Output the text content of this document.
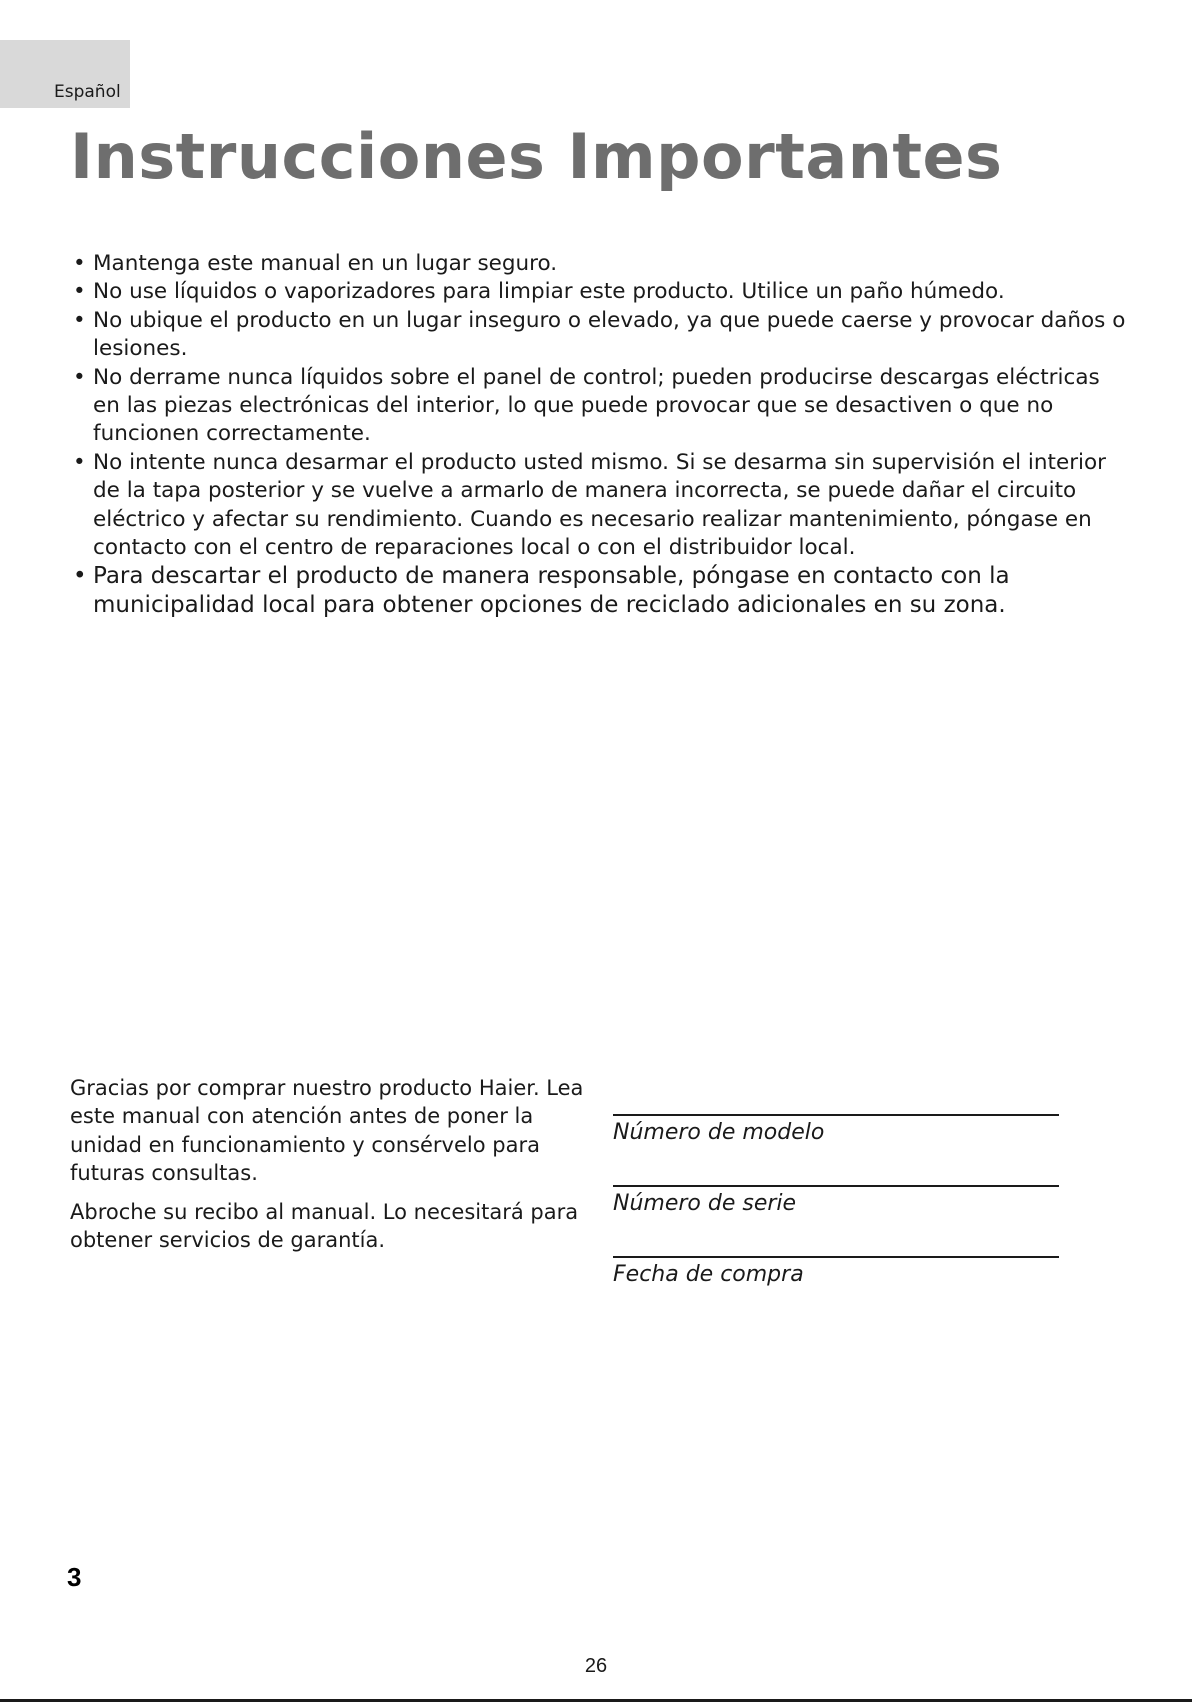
Español
Instrucciones Importantes
• Mantenga este manual en un lugar seguro.
• No use líquidos o vaporizadores para limpiar este producto. Utilice un paño húmedo.
• No ubique el producto en un lugar inseguro o elevado, ya que puede caerse y provocar daños o lesiones.
• No derrame nunca líquidos sobre el panel de control; pueden producirse descargas eléctricas en las piezas electrónicas del interior, lo que puede provocar que se desactiven o que no funcionen correctamente.
• No intente nunca desarmar el producto usted mismo. Si se desarma sin supervisión el interior de la tapa posterior y se vuelve a armarlo de manera incorrecta, se puede dañar el circuito eléctrico y afectar su rendimiento. Cuando es necesario realizar mantenimiento, póngase en contacto con el centro de reparaciones local o con el distribuidor local.
• Para descartar el producto de manera responsable, póngase en contacto con la municipalidad local para obtener opciones de reciclado adicionales en su zona.

Gracias por comprar nuestro producto Haier. Lea este manual con atención antes de poner la unidad en funcionamiento y consérvelo para futuras consultas.

Abroche su recibo al manual. Lo necesitará para obtener servicios de garantía.

Número de modelo
Número de serie
Fecha de compra
3
26
